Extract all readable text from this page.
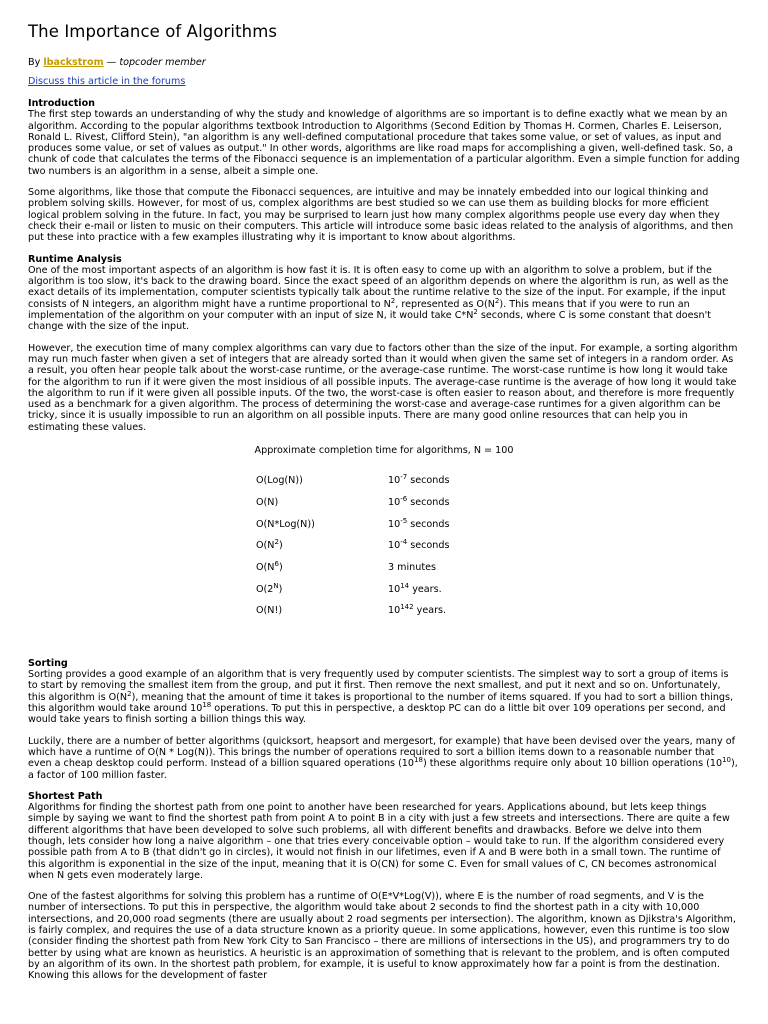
The Importance of Algorithms
By lbackstrom — topcoder member
Discuss this article in the forums
Introduction

The first step towards an understanding of why the study and knowledge of algorithms are so important is to define exactly what we mean by an algorithm. According to the popular algorithms textbook Introduction to Algorithms (Second Edition by Thomas H. Cormen, Charles E. Leiserson, Ronald L. Rivest, Clifford Stein), "an algorithm is any well-defined computational procedure that takes some value, or set of values, as input and produces some value, or set of values as output." In other words, algorithms are like road maps for accomplishing a given, well-defined task. So, a chunk of code that calculates the terms of the Fibonacci sequence is an implementation of a particular algorithm. Even a simple function for adding two numbers is an algorithm in a sense, albeit a simple one.

Some algorithms, like those that compute the Fibonacci sequences, are intuitive and may be innately embedded into our logical thinking and problem solving skills. However, for most of us, complex algorithms are best studied so we can use them as building blocks for more efficient logical problem solving in the future. In fact, you may be surprised to learn just how many complex algorithms people use every day when they check their e-mail or listen to music on their computers. This article will introduce some basic ideas related to the analysis of algorithms, and then put these into practice with a few examples illustrating why it is important to know about algorithms.

Runtime Analysis

One of the most important aspects of an algorithm is how fast it is. It is often easy to come up with an algorithm to solve a problem, but if the algorithm is too slow, it's back to the drawing board. Since the exact speed of an algorithm depends on where the algorithm is run, as well as the exact details of its implementation, computer scientists typically talk about the runtime relative to the size of the input. For example, if the input consists of N integers, an algorithm might have a runtime proportional to $N^2$, represented as $O(N^2)$. This means that if you were to run an implementation of the algorithm on your computer with an input of size N, it would take $C*N^2$ seconds, where C is some constant that doesn't change with the size of the input.

However, the execution time of many complex algorithms can vary due to factors other than the size of the input. For example, a sorting algorithm may run much faster when given a set of integers that are already sorted than it would when given the same set of integers in a random order. As a result, you often hear people talk about the worst-case runtime, or the average-case runtime. The worst-case runtime is how long it would take for the algorithm to run if it were given the most insidious of all possible inputs. The average-case runtime is the average of how long it would take the algorithm to run if it were given all possible inputs. Of the two, the worst-case is often easier to reason about, and therefore is more frequently used as a benchmark for a given algorithm. The process of determining the worst-case and average-case runtimes for a given algorithm can be tricky, since it is usually impossible to run an algorithm on all possible inputs. There are many good online resources that can help you in estimating these values.

Approximate completion time for algorithms, N = 100
O(Log(N))	$10^{-7}$ seconds
O(N)	$10^{-6}$ seconds
O(N*Log(N))	$10^{-5}$ seconds
$O(N^2)$	$10^{-4}$ seconds
$O(N^6)$	3 minutes
$O(2^N)$	$10^{14}$ years.
O(N!)	$10^{142}$ years.
Sorting

Sorting provides a good example of an algorithm that is very frequently used by computer scientists. The simplest way to sort a group of items is to start by removing the smallest item from the group, and put it first. Then remove the next smallest, and put it next and so on. Unfortunately, this algorithm is $O(N^2)$, meaning that the amount of time it takes is proportional to the number of items squared. If you had to sort a billion things, this algorithm would take around $10^{18}$ operations. To put this in perspective, a desktop PC can do a little bit over 109 operations per second, and would take years to finish sorting a billion things this way.

Luckily, there are a number of better algorithms (quicksort, heapsort and mergesort, for example) that have been devised over the years, many of which have a runtime of O(N * Log(N)). This brings the number of operations required to sort a billion items down to a reasonable number that even a cheap desktop could perform. Instead of a billion squared operations $(10^{18})$ these algorithms require only about 10 billion operations $(10^{10})$, a factor of 100 million faster.

Shortest Path

Algorithms for finding the shortest path from one point to another have been researched for years. Applications abound, but lets keep things simple by saying we want to find the shortest path from point A to point B in a city with just a few streets and intersections. There are quite a few different algorithms that have been developed to solve such problems, all with different benefits and drawbacks. Before we delve into them though, lets consider how long a naive algorithm – one that tries every conceivable option – would take to run. If the algorithm considered every possible path from A to B (that didn't go in circles), it would not finish in our lifetimes, even if A and B were both in a small town. The runtime of this algorithm is exponential in the size of the input, meaning that it is O(CN) for some C. Even for small values of C, CN becomes astronomical when N gets even moderately large.

One of the fastest algorithms for solving this problem has a runtime of O(E*V*Log(V)), where E is the number of road segments, and V is the number of intersections. To put this in perspective, the algorithm would take about 2 seconds to find the shortest path in a city with 10,000 intersections, and 20,000 road segments (there are usually about 2 road segments per intersection). The algorithm, known as Djikstra's Algorithm, is fairly complex, and requires the use of a data structure known as a priority queue. In some applications, however, even this runtime is too slow (consider finding the shortest path from New York City to San Francisco – there are millions of intersections in the US), and programmers try to do better by using what are known as heuristics. A heuristic is an approximation of something that is relevant to the problem, and is often computed by an algorithm of its own. In the shortest path problem, for example, it is useful to know approximately how far a point is from the destination. Knowing this allows for the development of faster
